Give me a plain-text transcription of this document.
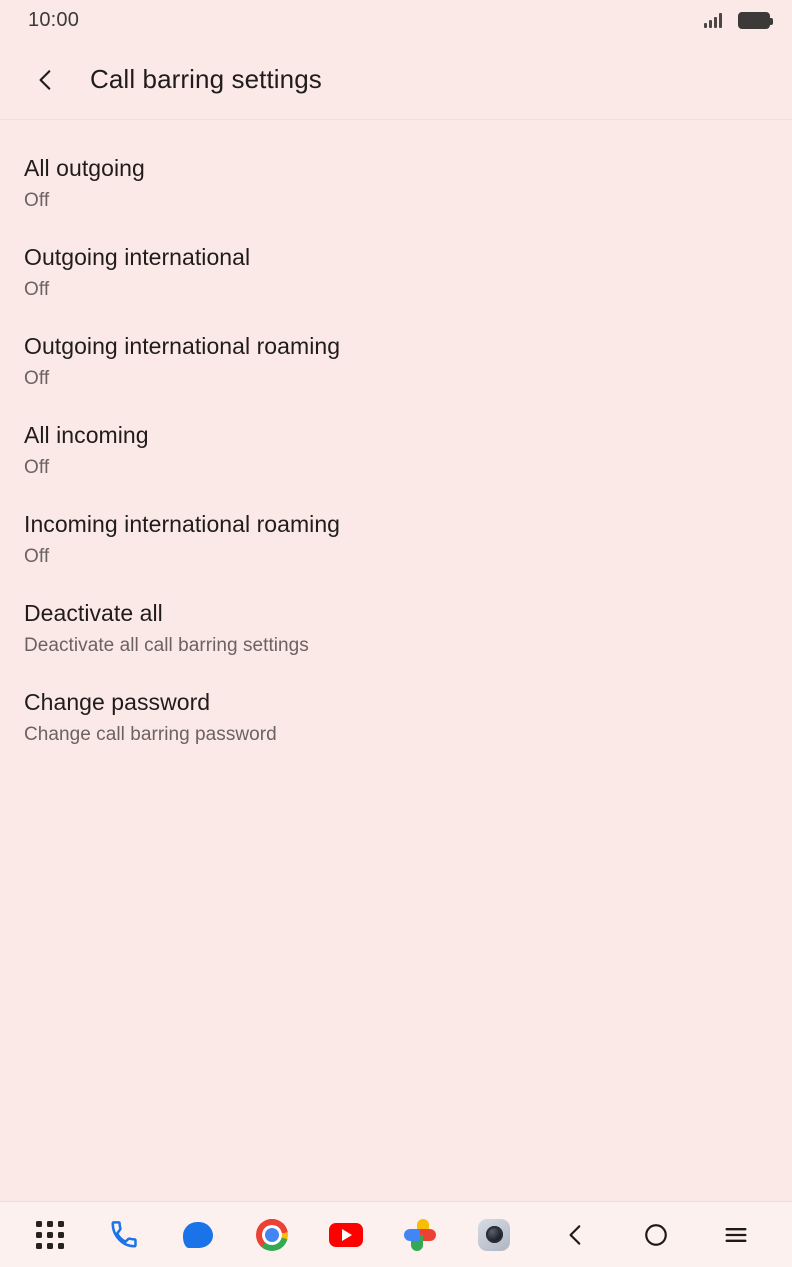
10:00
Call barring settings
All outgoing
Off
Outgoing international
Off
Outgoing international roaming
Off
All incoming
Off
Incoming international roaming
Off
Deactivate all
Deactivate all call barring settings
Change password
Change call barring password
